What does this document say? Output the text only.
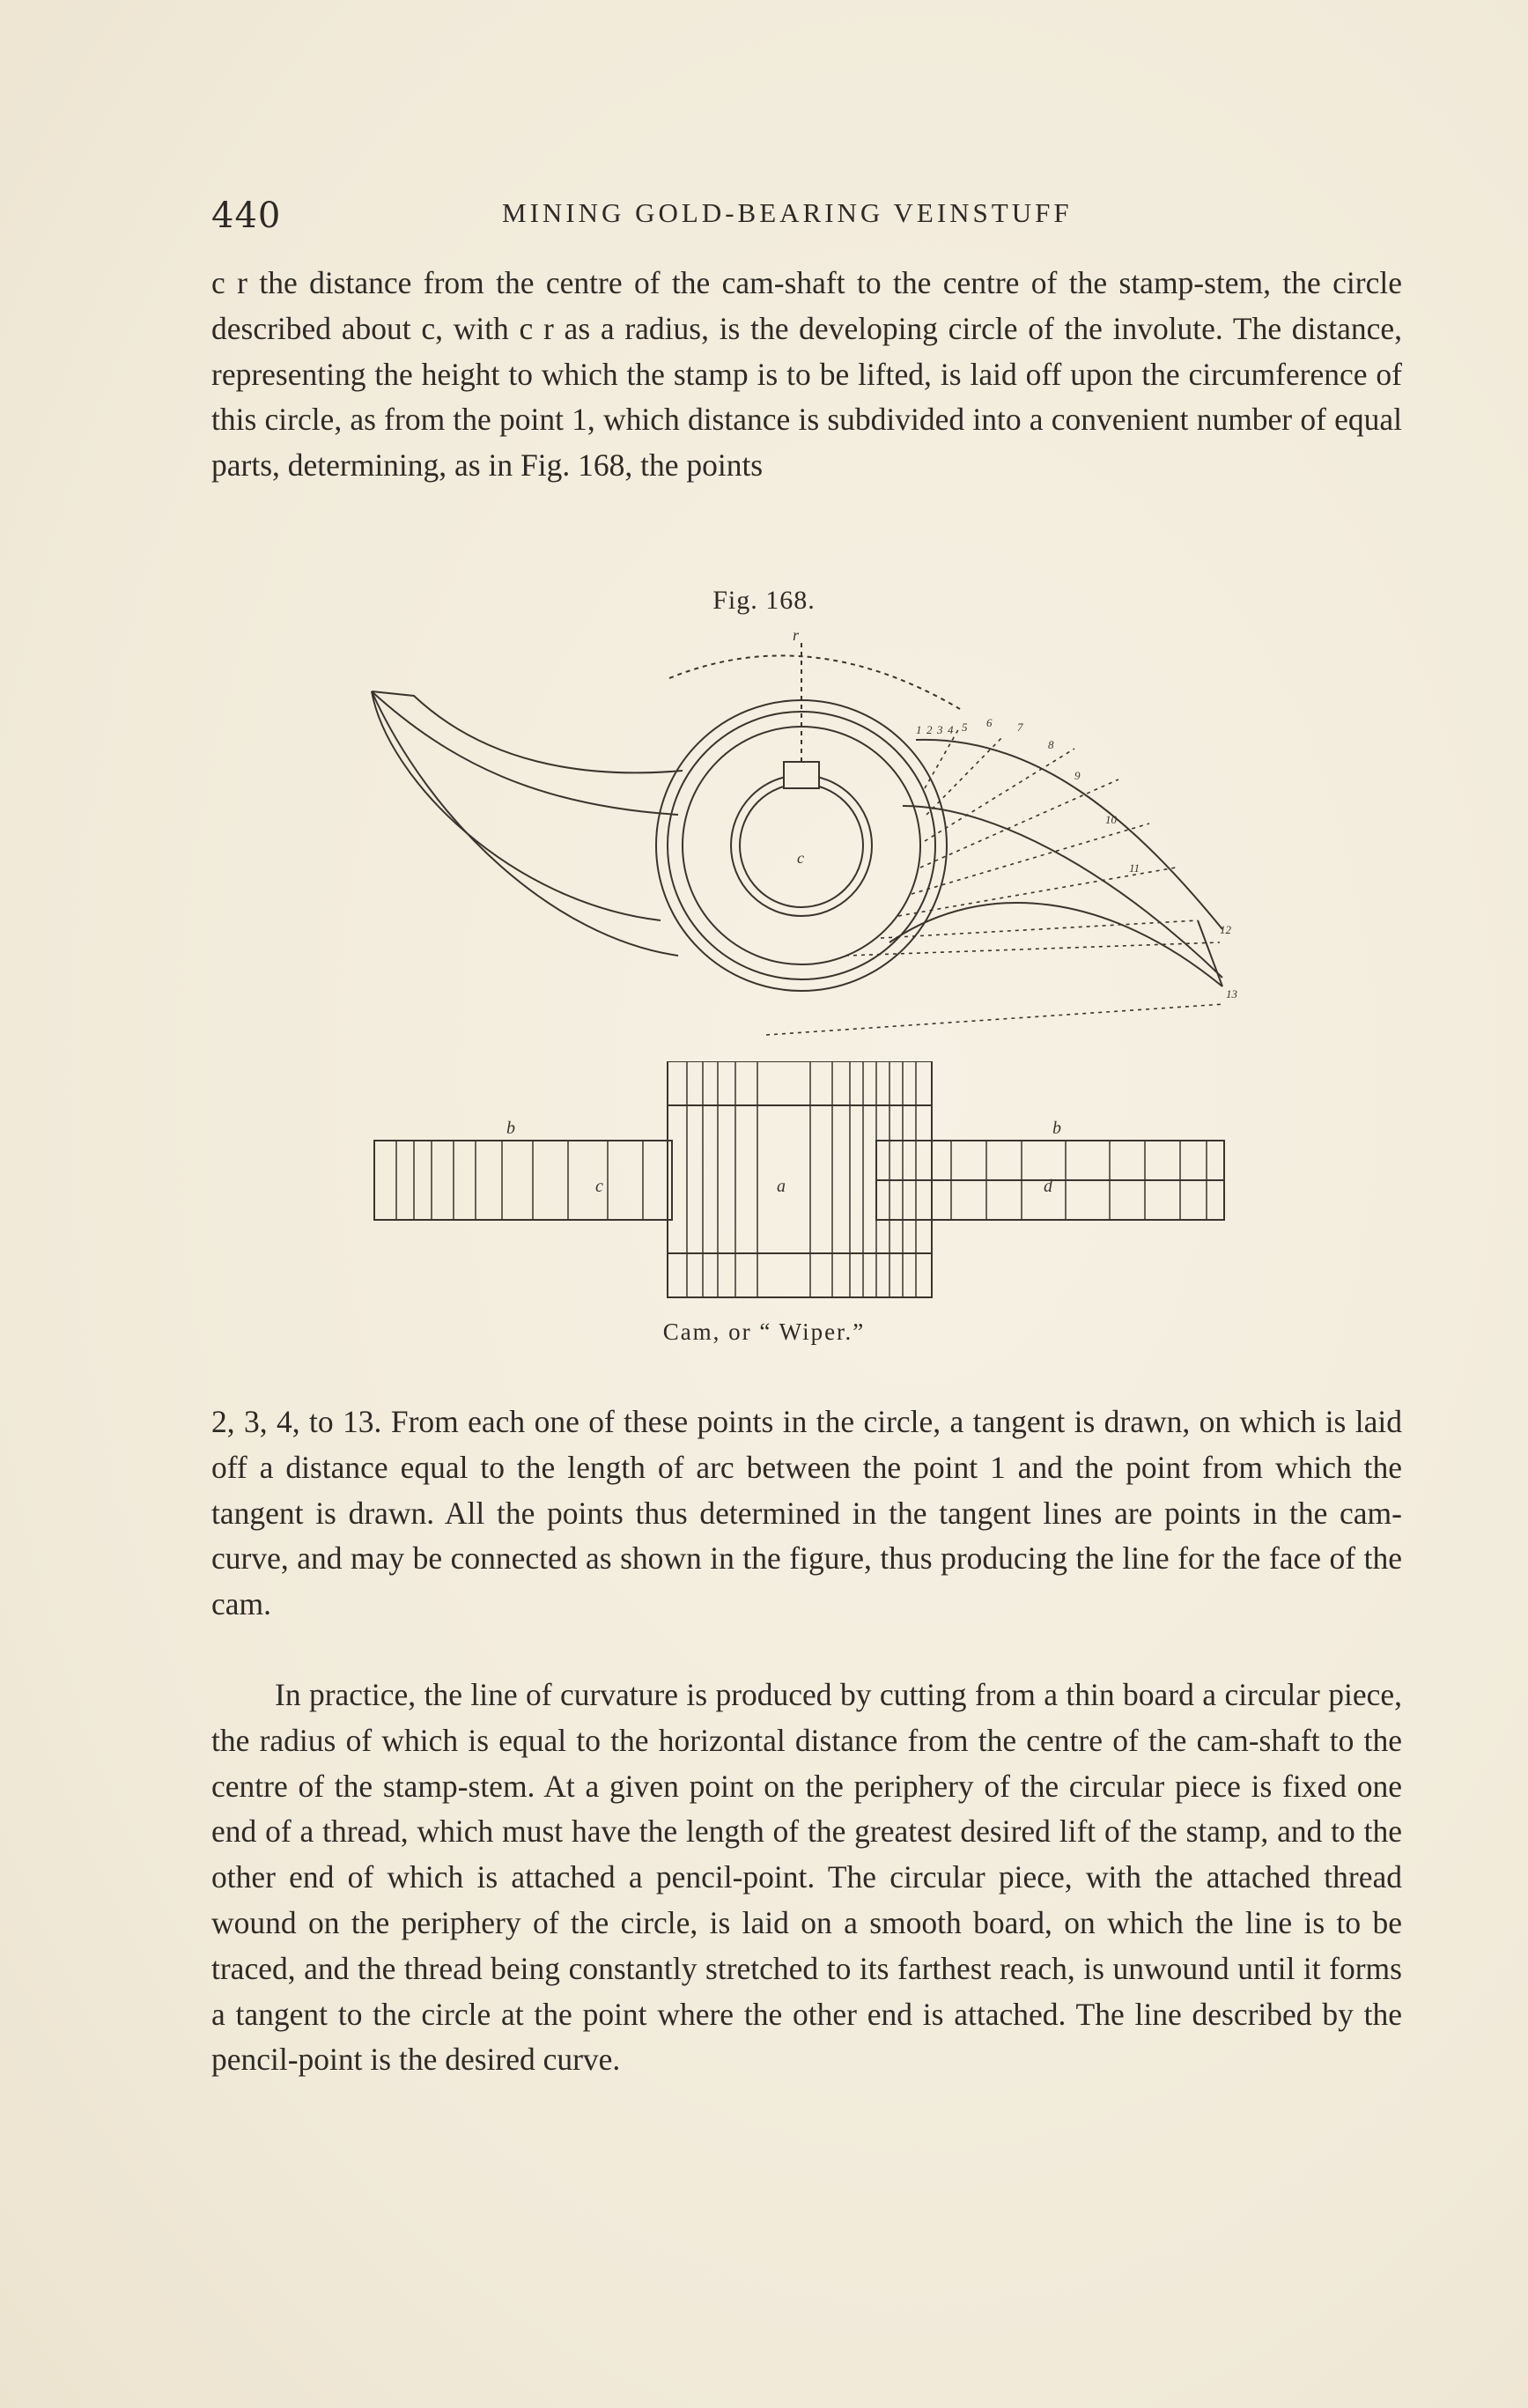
440	MINING GOLD-BEARING VEINSTUFF
c r the distance from the centre of the cam-shaft to the centre of the stamp-stem, the circle described about c, with c r as a radius, is the developing circle of the involute. The distance, representing the height to which the stamp is to be lifted, is laid off upon the circumference of this circle, as from the point 1, which distance is subdivided into a convenient number of equal parts, determining, as in Fig. 168, the points
Fig. 168.
r
c
1 2 3 4 5 6 7
8
9
10
11
12
13
b	b
c	a	d
Cam, or “ Wiper.”
2, 3, 4, to 13. From each one of these points in the circle, a tangent is drawn, on which is laid off a distance equal to the length of arc between the point 1 and the point from which the tangent is drawn. All the points thus determined in the tangent lines are points in the cam-curve, and may be connected as shown in the figure, thus producing the line for the face of the cam.
In practice, the line of curvature is produced by cutting from a thin board a circular piece, the radius of which is equal to the horizontal distance from the centre of the cam-shaft to the centre of the stamp-stem. At a given point on the periphery of the circular piece is fixed one end of a thread, which must have the length of the greatest desired lift of the stamp, and to the other end of which is attached a pencil-point. The circular piece, with the attached thread wound on the periphery of the circle, is laid on a smooth board, on which the line is to be traced, and the thread being constantly stretched to its farthest reach, is unwound until it forms a tangent to the circle at the point where the other end is attached. The line described by the pencil-point is the desired curve.
